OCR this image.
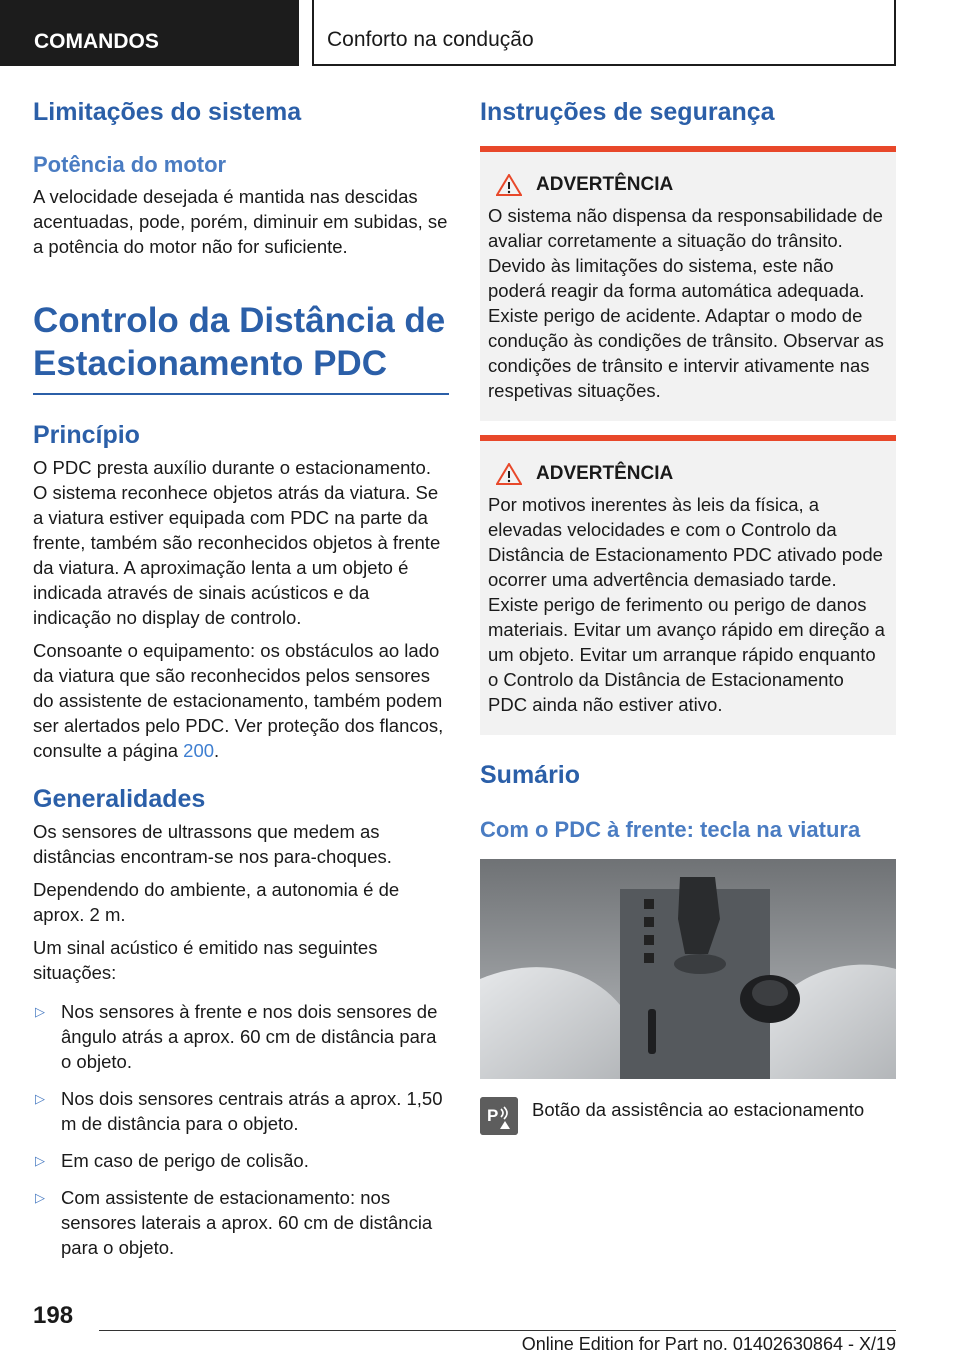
COMANDOS	Conforto na condução
Limitações do sistema
Potência do motor
A velocidade desejada é mantida nas descidas acentuadas, pode, porém, diminuir em subidas, se a potência do motor não for suficiente.
Controlo da Distância de Estacionamento PDC
Princípio
O PDC presta auxílio durante o estacionamento. O sistema reconhece objetos atrás da viatura. Se a viatura estiver equipada com PDC na parte da frente, também são reconhecidos objetos à frente da viatura. A aproximação lenta a um objeto é indicada através de sinais acústicos e da indicação no display de controlo.
Consoante o equipamento: os obstáculos ao lado da viatura que são reconhecidos pelos sensores do assistente de estacionamento, também podem ser alertados pelo PDC. Ver proteção dos flancos, consulte a página 200.
Generalidades
Os sensores de ultrassons que medem as distâncias encontram-se nos para-choques.
Dependendo do ambiente, a autonomia é de aprox. 2 m.
Um sinal acústico é emitido nas seguintes situações:
▷ Nos sensores à frente e nos dois sensores de ângulo atrás a aprox. 60 cm de distância para o objeto.
▷ Nos dois sensores centrais atrás a aprox. 1,50 m de distância para o objeto.
▷ Em caso de perigo de colisão.
▷ Com assistente de estacionamento: nos sensores laterais a aprox. 60 cm de distância para o objeto.
Instruções de segurança
ADVERTÊNCIA
O sistema não dispensa da responsabilidade de avaliar corretamente a situação do trânsito. Devido às limitações do sistema, este não poderá reagir da forma automática adequada. Existe perigo de acidente. Adaptar o modo de condução às condições de trânsito. Observar as condições de trânsito e intervir ativamente nas respetivas situações.
ADVERTÊNCIA
Por motivos inerentes às leis da física, a elevadas velocidades e com o Controlo da Distância de Estacionamento PDC ativado pode ocorrer uma advertência demasiado tarde. Existe perigo de ferimento ou perigo de danos materiais. Evitar um avanço rápido em direção a um objeto. Evitar um arranque rápido enquanto o Controlo da Distância de Estacionamento PDC ainda não estiver ativo.
Sumário
Com o PDC à frente: tecla na viatura
P Botão da assistência ao estacionamento
198
Online Edition for Part no. 01402630864 - X/19
